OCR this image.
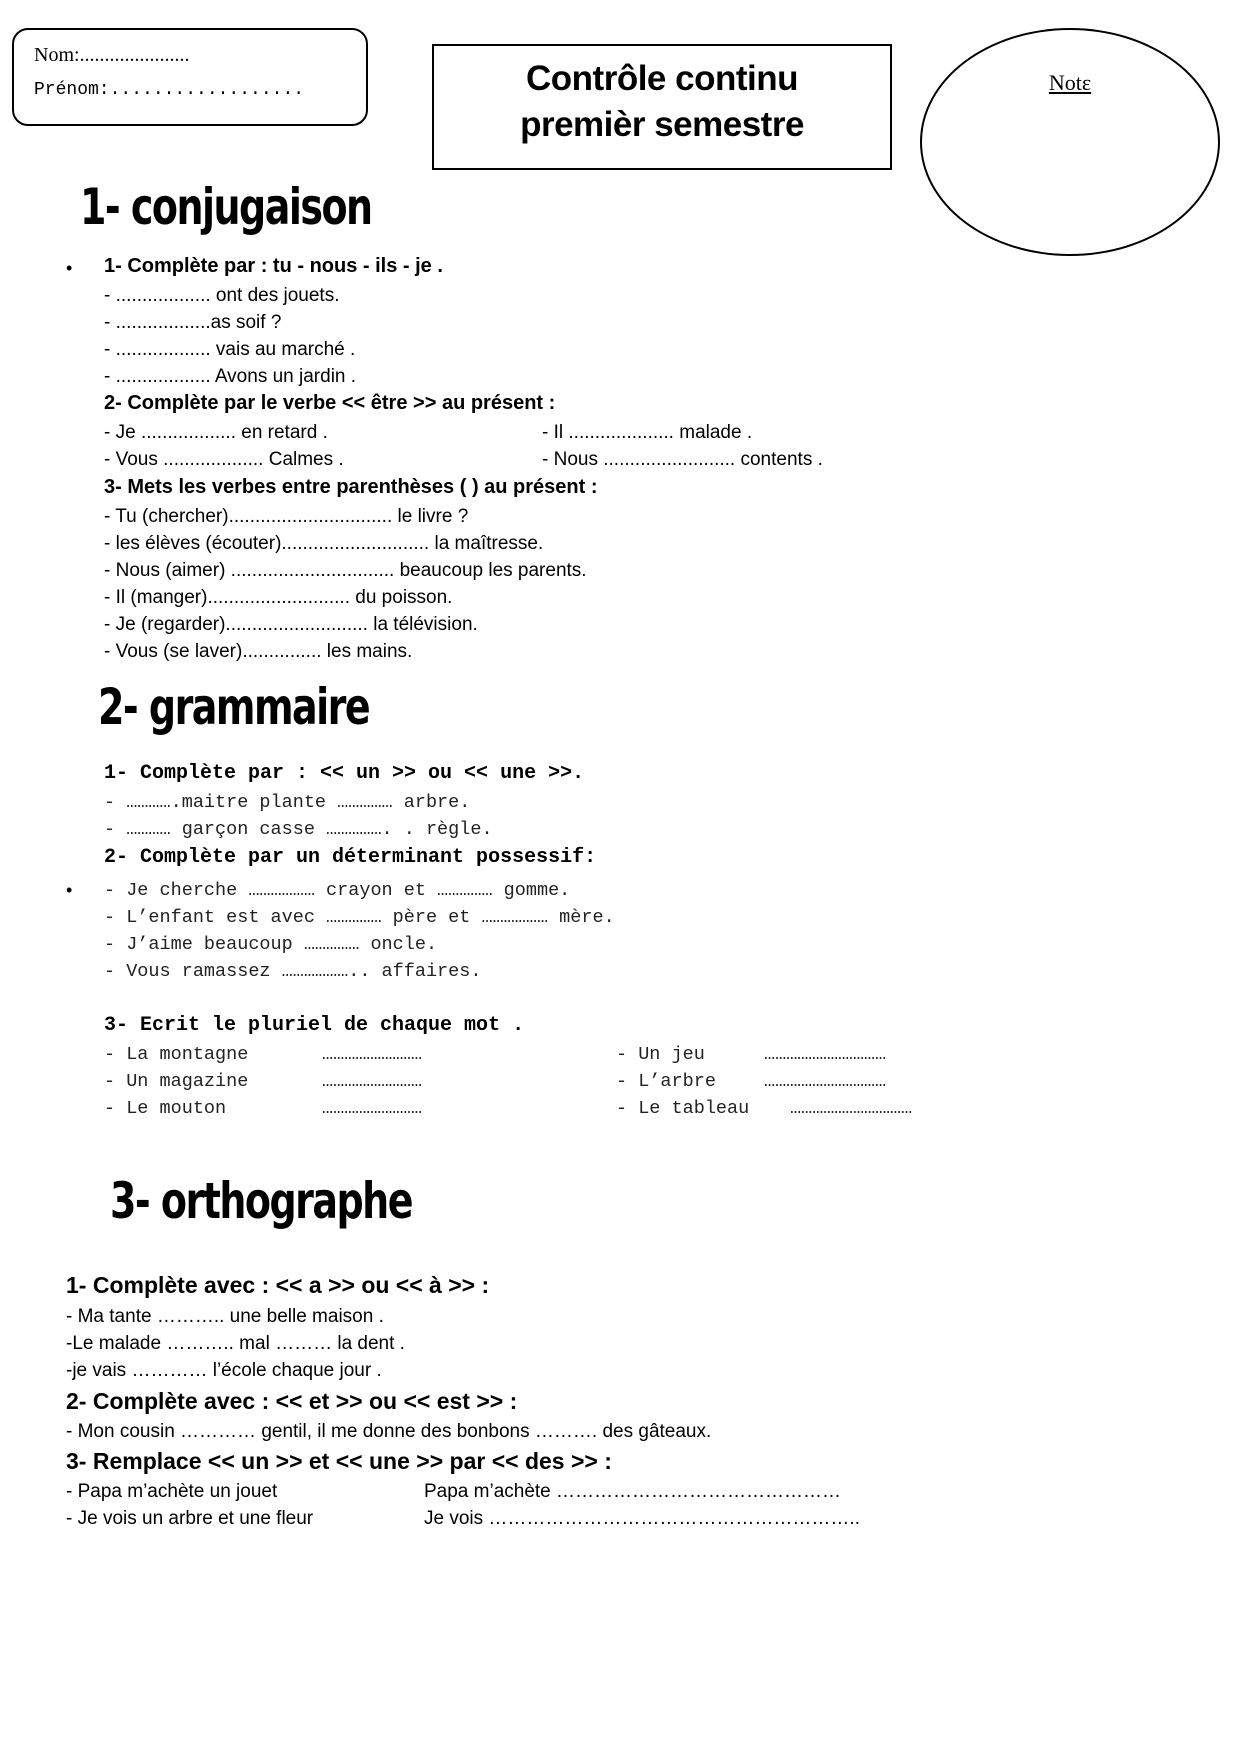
Nom:......................
Prénom:..................	Contrôle continu
premièr semestre
Notε
1- conjugaison
• 1- Complète par : tu - nous - ils - je .
- .................. ont des jouets.
- ..................as soif ?
- .................. vais au marché .
- .................. Avons un jardin .
2- Complète par le verbe << être >> au présent :
- Je .................. en retard .
- Vous ................... Calmes .
- Il .................... malade .
- Nous ......................... contents .
3- Mets les verbes entre parenthèses ( ) au présent :
- Tu (chercher)............................... le livre ?
- les élèves (écouter)............................ la maîtresse.
- Nous (aimer) ............................... beaucoup les parents.
- Il (manger)........................... du poisson.
- Je (regarder)........................... la télévision.
- Vous (se laver)............... les mains.
2- grammaire
1- Complète par : << un >> ou << une >>.
- ………….maitre plante …………… arbre.
- ………… garçon casse ……………. . règle.
2- Complète par un déterminant possessif:
• - Je cherche ……………… crayon et …………… gomme.
- L’enfant est avec …………… père et ……………… mère.
- J’aime beaucoup …………… oncle.
- Vous ramassez ……………….. affaires.
3- Ecrit le pluriel de chaque mot .
- La montagne
- Un magazine
- Le mouton
………………………
………………………
………………………
- Un jeu
- L’arbre
- Le tableau
……………………………
……………………………
……………………………
3- orthographe
1- Complète avec : << a >> ou << à >> :
- Ma tante ……….. une belle maison .
-Le malade ……….. mal ……… la dent .
-je vais ………… l’école chaque jour .
2- Complète avec : << et >> ou << est >> :
- Mon cousin ………… gentil, il me donne des bonbons ………. des gâteaux.
3- Remplace << un >> et << une >> par << des >> :
- Papa m’achète un jouet
- Je vois un arbre et une fleur
Papa m’achète ………………………………………
Je vois …………………………………………………..
